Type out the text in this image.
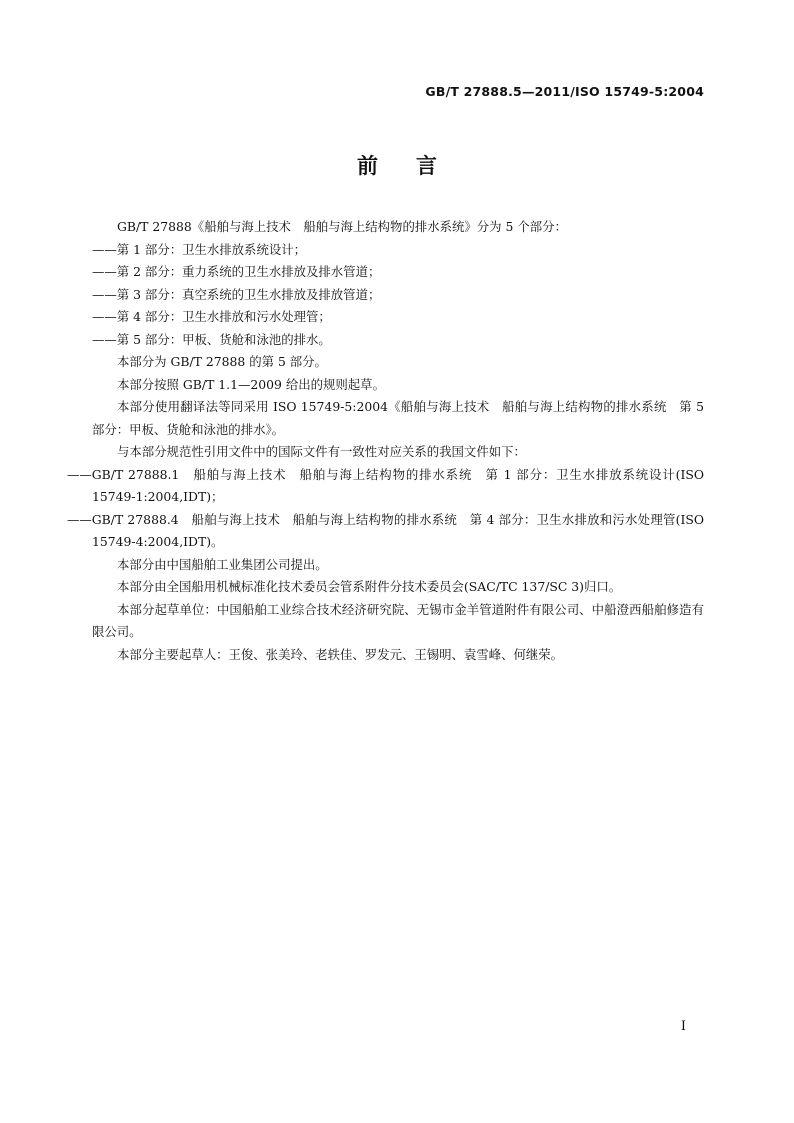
GB/T 27888.5—2011/ISO 15749-5:2004
前言

GB/T 27888《船舶与海上技术　船舶与海上结构物的排水系统》分为 5 个部分：

——第 1 部分：卫生水排放系统设计；

——第 2 部分：重力系统的卫生水排放及排水管道；

——第 3 部分：真空系统的卫生水排放及排放管道；

——第 4 部分：卫生水排放和污水处理管；

——第 5 部分：甲板、货舱和泳池的排水。

本部分为 GB/T 27888 的第 5 部分。

本部分按照 GB/T 1.1—2009 给出的规则起草。

本部分使用翻译法等同采用 ISO 15749-5:2004《船舶与海上技术　船舶与海上结构物的排水系统　第 5 部分：甲板、货舱和泳池的排水》。

与本部分规范性引用文件中的国际文件有一致性对应关系的我国文件如下：

——GB/T 27888.1　船舶与海上技术　船舶与海上结构物的排水系统　第 1 部分：卫生水排放系统设计(ISO 15749-1:2004,IDT)；

——GB/T 27888.4　船舶与海上技术　船舶与海上结构物的排水系统　第 4 部分：卫生水排放和污水处理管(ISO 15749-4:2004,IDT)。

本部分由中国船舶工业集团公司提出。

本部分由全国船用机械标准化技术委员会管系附件分技术委员会(SAC/TC 137/SC 3)归口。

本部分起草单位：中国船舶工业综合技术经济研究院、无锡市金羊管道附件有限公司、中船澄西船舶修造有限公司。

本部分主要起草人：王俊、张美玲、老轶佳、罗发元、王锡明、袁雪峰、何继荣。

I
